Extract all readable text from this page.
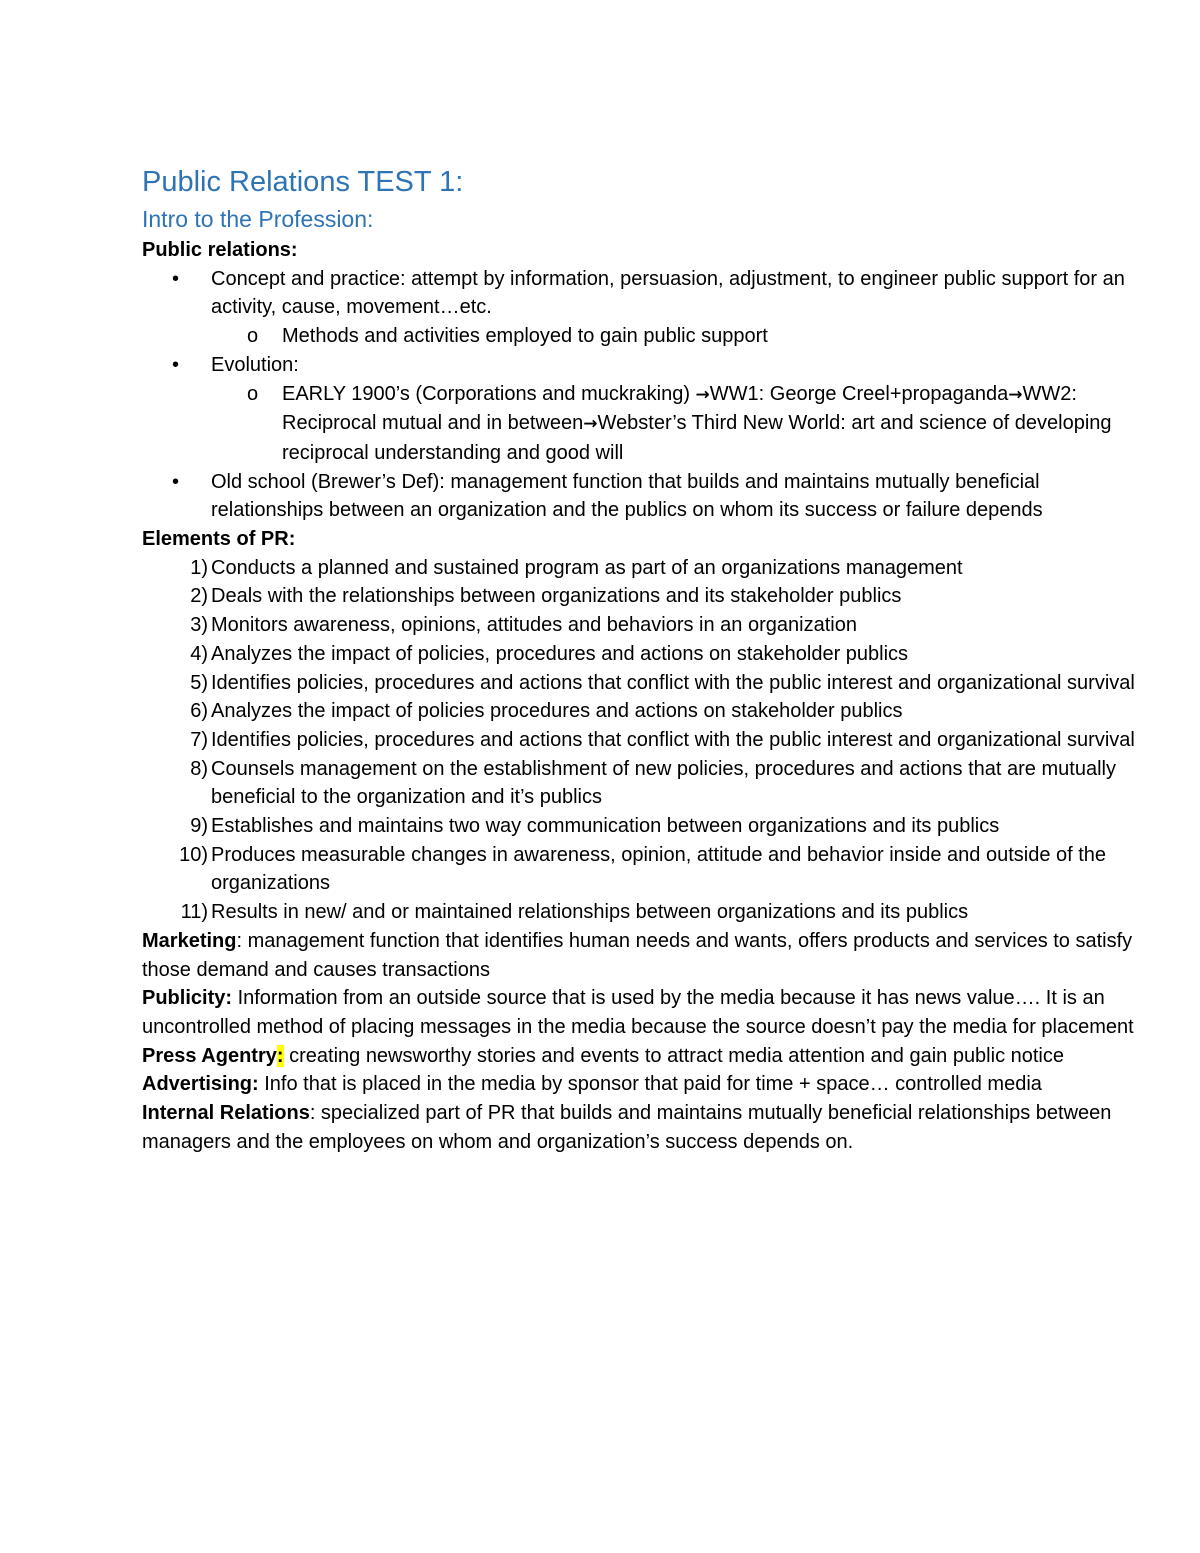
Public Relations TEST 1:
Intro to the Profession:
Public relations:
• Concept and practice: attempt by information, persuasion, adjustment, to engineer public support for an activity, cause, movement…etc.
o Methods and activities employed to gain public support
• Evolution:
o EARLY 1900’s (Corporations and muckraking) →WW1: George Creel+propaganda→WW2: Reciprocal mutual and in between→Webster’s Third New World: art and science of developing reciprocal understanding and good will
• Old school (Brewer’s Def): management function that builds and maintains mutually beneficial relationships between an organization and the publics on whom its success or failure depends
Elements of PR:
1) Conducts a planned and sustained program as part of an organizations management
2) Deals with the relationships between organizations and its stakeholder publics
3) Monitors awareness, opinions, attitudes and behaviors in an organization
4) Analyzes the impact of policies, procedures and actions on stakeholder publics
5) Identifies policies, procedures and actions that conflict with the public interest and organizational survival
6) Analyzes the impact of policies procedures and actions on stakeholder publics
7) Identifies policies, procedures and actions that conflict with the public interest and organizational survival
8) Counsels management on the establishment of new policies, procedures and actions that are mutually beneficial to the organization and it’s publics
9) Establishes and maintains two way communication between organizations and its publics
10) Produces measurable changes in awareness, opinion, attitude and behavior inside and outside of the organizations
11) Results in new/ and or maintained relationships between organizations and its publics
Marketing: management function that identifies human needs and wants, offers products and services to satisfy those demand and causes transactions
Publicity: Information from an outside source that is used by the media because it has news value…. It is an uncontrolled method of placing messages in the media because the source doesn’t pay the media for placement
Press Agentry: creating newsworthy stories and events to attract media attention and gain public notice
Advertising: Info that is placed in the media by sponsor that paid for time + space… controlled media
Internal Relations: specialized part of PR that builds and maintains mutually beneficial relationships between managers and the employees on whom and organization’s success depends on.
